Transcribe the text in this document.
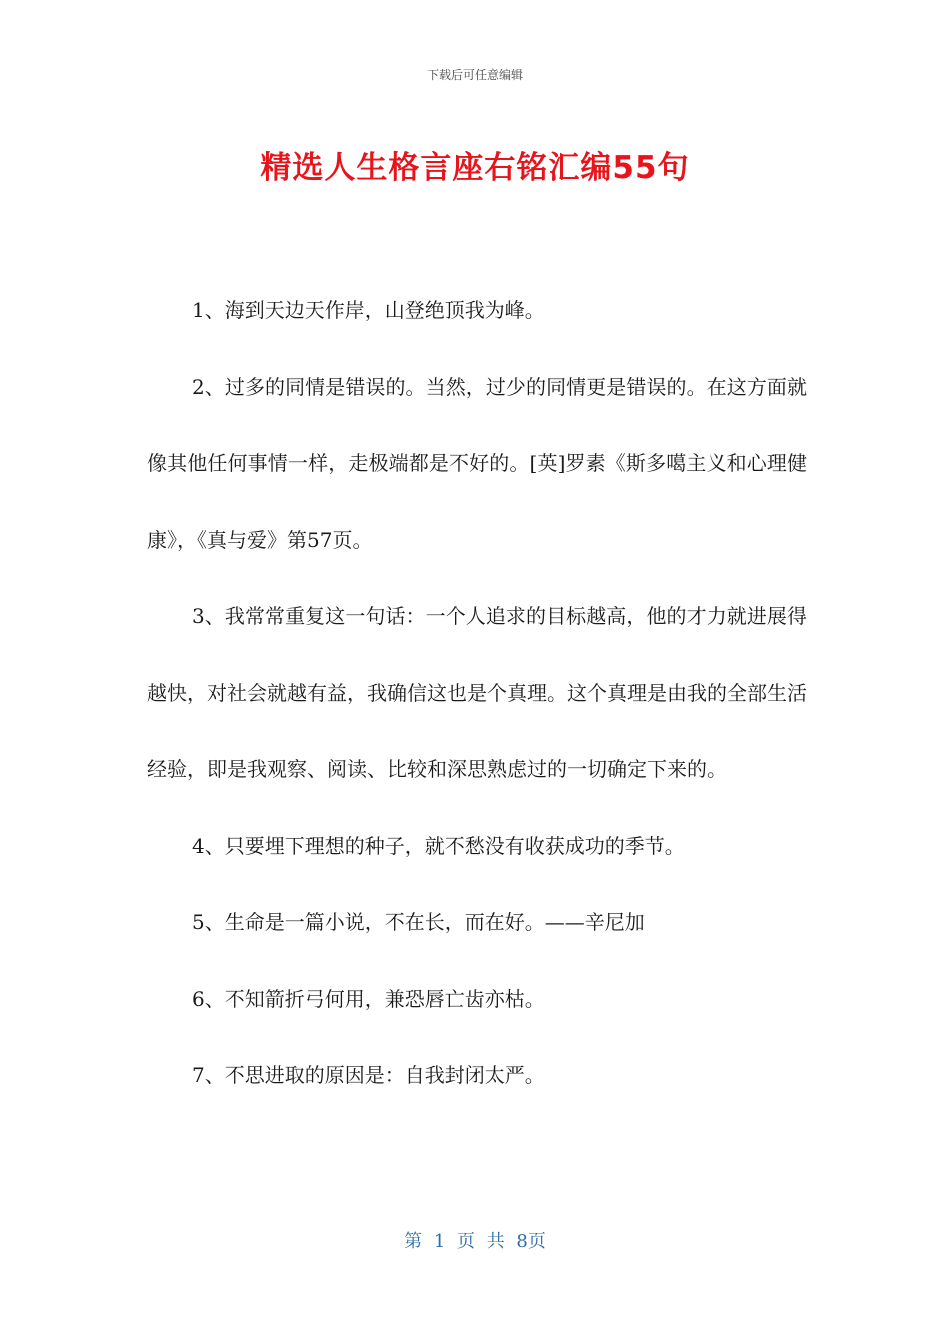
下载后可任意编辑
精选人生格言座右铭汇编55句

1、海到天边天作岸，山登绝顶我为峰。

2、过多的同情是错误的。当然，过少的同情更是错误的。在这方面就像其他任何事情一样，走极端都是不好的。[英]罗素《斯多噶主义和心理健康》，《真与爱》第57页。

3、我常常重复这一句话：一个人追求的目标越高，他的才力就进展得越快，对社会就越有益，我确信这也是个真理。这个真理是由我的全部生活经验，即是我观察、阅读、比较和深思熟虑过的一切确定下来的。

4、只要埋下理想的种子，就不愁没有收获成功的季节。

5、生命是一篇小说，不在长，而在好。——辛尼加

6、不知箭折弓何用，兼恐唇亡齿亦枯。

7、不思进取的原因是：自我封闭太严。

第 1 页 共 8页
